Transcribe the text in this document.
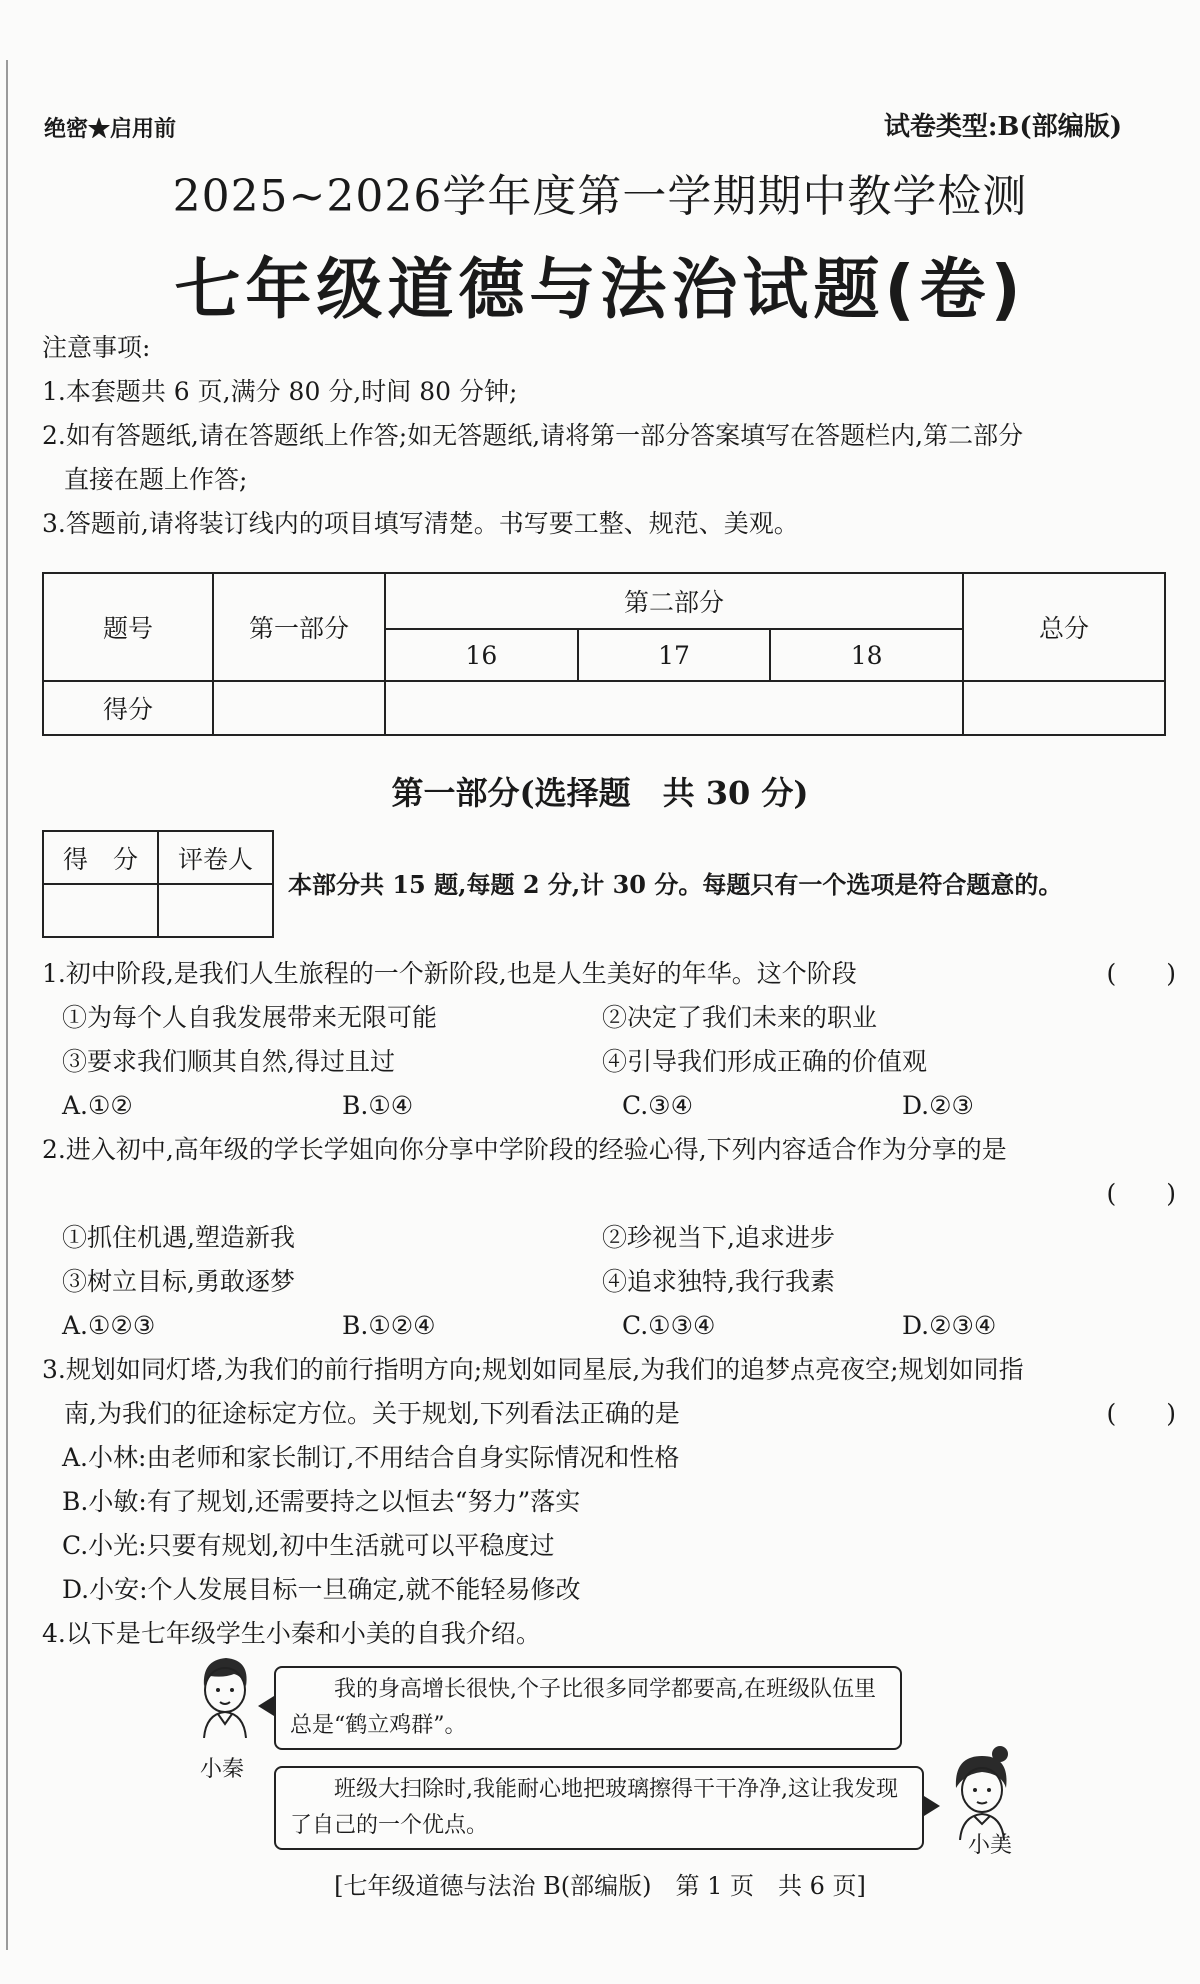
绝密★启用前	试卷类型:B(部编版)
2025~2026学年度第一学期期中教学检测
七年级道德与法治试题(卷)
注意事项:
1.本套题共 6 页,满分 80 分,时间 80 分钟;
2.如有答题纸,请在答题纸上作答;如无答题纸,请将第一部分答案填写在答题栏内,第二部分
直接在题上作答;
3.答题前,请将装订线内的项目填写清楚。书写要工整、规范、美观。
题号	第一部分	第二部分			总分
		16	17	18	
得分					
第一部分(选择题　共 30 分)
得　分	评卷人

本部分共 15 题,每题 2 分,计 30 分。每题只有一个选项是符合题意的。
1.初中阶段,是我们人生旅程的一个新阶段,也是人生美好的年华。这个阶段	(　　)
①为每个人自我发展带来无限可能	②决定了我们未来的职业
③要求我们顺其自然,得过且过	④引导我们形成正确的价值观
A.①②	B.①④	C.③④	D.②③
2.进入初中,高年级的学长学姐向你分享中学阶段的经验心得,下列内容适合作为分享的是
(　　)
①抓住机遇,塑造新我	②珍视当下,追求进步
③树立目标,勇敢逐梦	④追求独特,我行我素
A.①②③	B.①②④	C.①③④	D.②③④
3.规划如同灯塔,为我们的前行指明方向;规划如同星辰,为我们的追梦点亮夜空;规划如同指
南,为我们的征途标定方位。关于规划,下列看法正确的是	(　　)
A.小林:由老师和家长制订,不用结合自身实际情况和性格
B.小敏:有了规划,还需要持之以恒去“努力”落实
C.小光:只要有规划,初中生活就可以平稳度过
D.小安:个人发展目标一旦确定,就不能轻易修改
4.以下是七年级学生小秦和小美的自我介绍。
小秦
我的身高增长很快,个子比很多同学都要高,在班级队伍里总是“鹤立鸡群”。
班级大扫除时,我能耐心地把玻璃擦得干干净净,这让我发现了自己的一个优点。
小美
[七年级道德与法治 B(部编版)　第 1 页　共 6 页]
